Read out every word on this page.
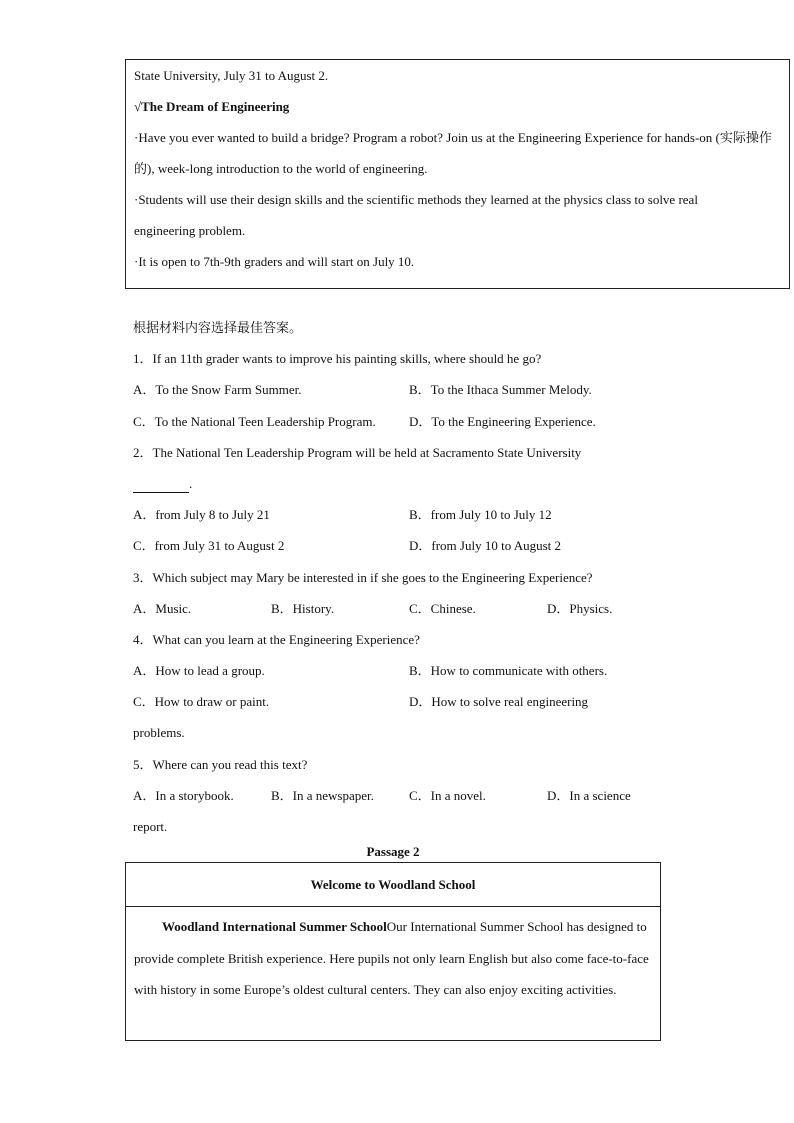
State University, July 31 to August 2.
√The Dream of Engineering
·Have you ever wanted to build a bridge? Program a robot? Join us at the Engineering Experience for hands-on (实际操作的), week-long introduction to the world of engineering.
·Students will use their design skills and the scientific methods they learned at the physics class to solve real
engineering problem.
·It is open to 7th-9th graders and will start on July 10.
根据材料内容选择最佳答案。
1．If an 11th grader wants to improve his painting skills, where should he go?
A．To the Snow Farm Summer.	B．To the Ithaca Summer Melody.
C．To the National Teen Leadership Program.	D．To the Engineering Experience.
2．The National Ten Leadership Program will be held at Sacramento State University
.
A．from July 8 to July 21	B．from July 10 to July 12
C．from July 31 to August 2	D．from July 10 to August 2
3．Which subject may Mary be interested in if she goes to the Engineering Experience?
A．Music.	B．History.	C．Chinese.	D．Physics.
4．What can you learn at the Engineering Experience?
A．How to lead a group.	B．How to communicate with others.
C．How to draw or paint.	D．How to solve real engineering
problems.
5．Where can you read this text?
A．In a storybook.	B．In a newspaper.	C．In a novel.	D．In a science
report.
Passage 2
Welcome to Woodland School
Woodland International Summer SchoolOur International Summer School has designed to provide complete British experience. Here pupils not only learn English but also come face-to-face with history in some Europe’s oldest cultural centers. They can also enjoy exciting activities.
